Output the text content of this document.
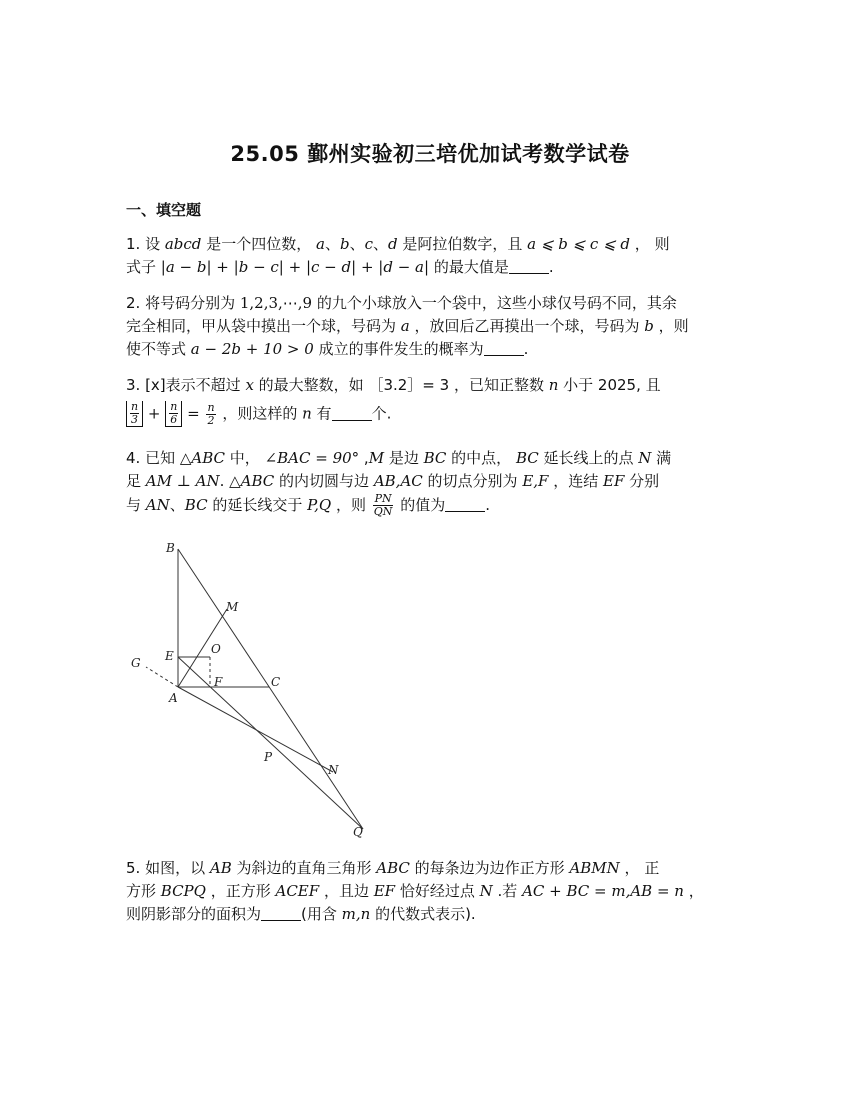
25.05 鄞州实验初三培优加试考数学试卷
一、填空题
1. 设 abcd 是一个四位数， a、b、c、d 是阿拉伯数字，且 a ⩽ b ⩽ c ⩽ d ， 则
式子 |a − b| + |b − c| + |c − d| + |d − a| 的最大值是	.
2. 将号码分别为 1,2,3,⋯,9 的九个小球放入一个袋中，这些小球仅号码不同，其余
完全相同，甲从袋中摸出一个球，号码为 a ，放回后乙再摸出一个球，号码为 b ，则
使不等式 a − 2b + 10 > 0 成立的事件发生的概率为	.
3. [x]表示不超过 x 的最大整数，如 ［3.2］= 3 ，已知正整数 n 小于 2025, 且
$\frac{n}{3} + \frac{n}{6} = \frac{n}{2}$ ，则这样的 n 有	个.
4. 已知 △ABC 中， ∠BAC = 90° ,M 是边 BC 的中点， BC 延长线上的点 N 满
足 AM ⊥ AN. △ABC 的内切圆与边 AB,AC 的切点分别为 E,F ，连结 EF 分别
与 AN、BC 的延长线交于 P,Q ，则 $\frac{PN}{QN}$ 的值为	.
B
M
E	O
G
A
F	C
P
N
Q
5. 如图，以 AB 为斜边的直角三角形 ABC 的每条边为边作正方形 ABMN ， 正
方形 BCPQ ，正方形 ACEF ，且边 EF 恰好经过点 N .若 AC + BC = m,AB = n ，
则阴影部分的面积为	(用含 m,n 的代数式表示).
